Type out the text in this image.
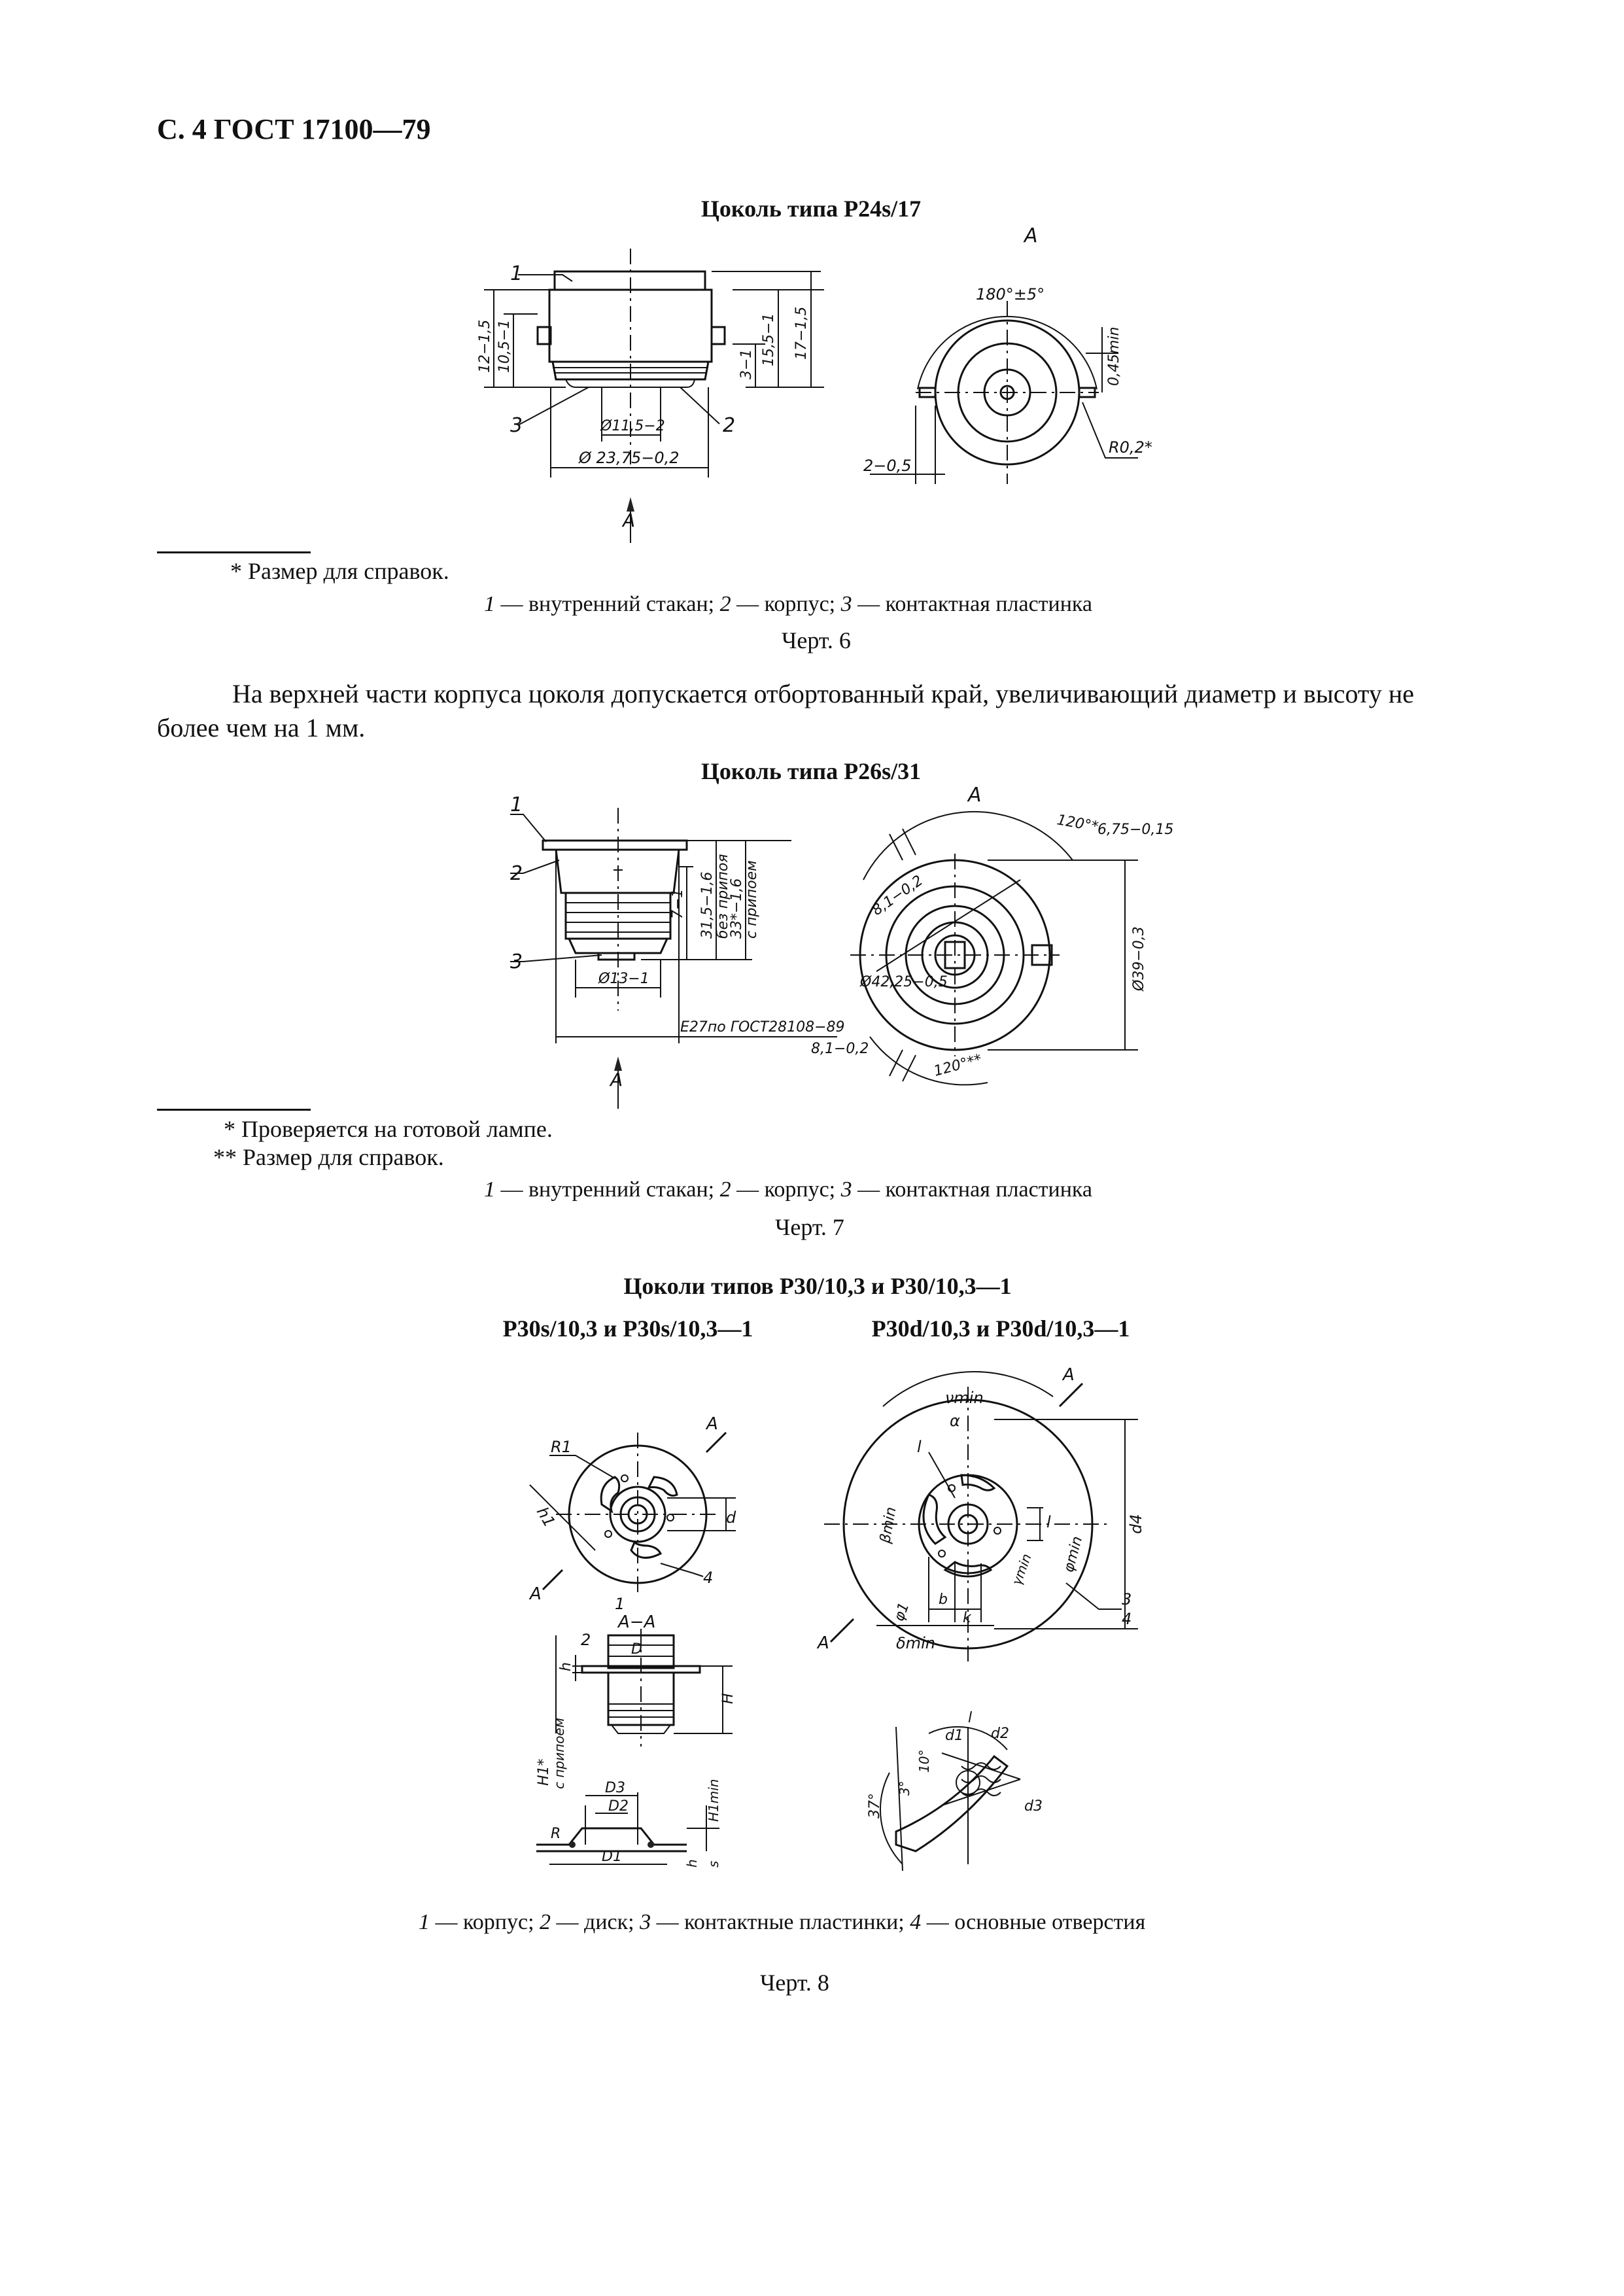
С. 4 ГОСТ 17100—79
Цоколь типа P24s/17
1
3	2
Ø 23,75−0,2
Ø11,5−2
12−1,5 10,5−1	3−1 15,5−1 17−1,5
A
A
180°±5°
0,45min
R0,2*
2−0,5
* Размер для справок.
1 — внутренний стакан; 2 — корпус; 3 — контактная пластинка
Черт. 6
На верхней части корпуса цоколя допускается отбортованный край, увеличивающий диаметр и высоту не более чем на 1 мм.
Цоколь типа P26s/31
1
2
3
7−1 31,5−1,6 без припоя
33*−1,6
с припоем
Ø13−1
E27по ГОСТ28108−89
A
A
120°*
6,75−0,15
8,1−0,2
Ø42,25−0,5
8,1−0,2
120°**
Ø39−0,3
* Проверяется на готовой лампе.
** Размер для справок.
1 — внутренний стакан; 2 — корпус; 3 — контактная пластинка
Черт. 7
Цоколи типов P30/10,3 и P30/10,3—1
P30s/10,3 и P30s/10,3—1	P30d/10,3 и P30d/10,3—1
A
A
R1
h1	d
4
1
A−A
2
D
h
H
H1* с припоем	D3
D2
D1
R
H1min
h s
A
A
νmin
α
l
βmin	d4
φmin
l
b
γmin
3
4
k
φ1
δmin
l
d1 d2
d3
37°
3°
10°
1 — корпус; 2 — диск; 3 — контактные пластинки; 4 — основные отверстия
Черт. 8
